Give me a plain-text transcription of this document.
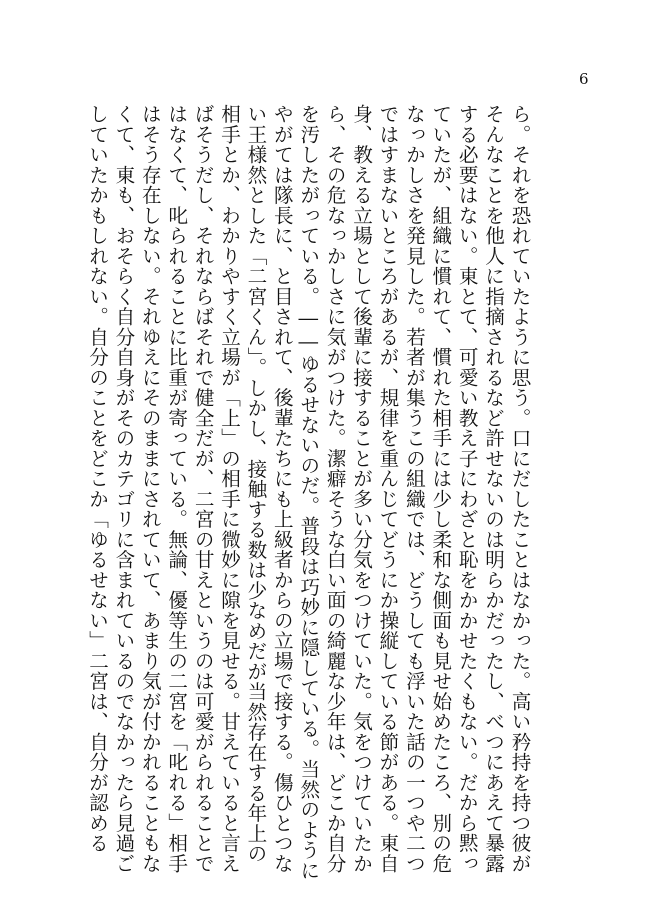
6
ら。それを恐れていたように思う。口にだしたことはなかった。高い矜持を持つ彼が
そんなことを他人に指摘されるなど許せないのは明らかだったし、べつにあえて暴露
する必要はない。東とて、可愛い教え子にわざと恥をかかせたくもない。だから黙っ
ていたが、組織に慣れて、慣れた相手には少し柔和な側面も見せ始めたころ、別の危
なっかしさを発見した。若者が集うこの組織では、どうしても浮いた話の一つや二つ
ではすまないところがあるが、規律を重んじてどうにか操縦している節がある。東自
身、教える立場として後輩に接することが多い分気をつけていた。気をつけていたか
ら、その危なっかしさに気がつけた。潔癖そうな白い面の綺麗な少年は、どこか自分
を汚したがっている。――ゆるせないのだ。普段は巧妙に隠している。当然のように
やがては隊長に、と目されて、後輩たちにも上級者からの立場で接する。傷ひとつな
い王様然とした「二宮くん」。しかし、接触する数は少なめだが当然存在する年上の
相手とか、わかりやすく立場が「上」の相手に微妙に隙を見せる。甘えていると言え
ばそうだし、それならばそれで健全だが、二宮の甘えというのは可愛がられることで
はなくて、叱られることに比重が寄っている。無論、優等生の二宮を「叱れる」相手
はそう存在しない。それゆえにそのままにされていて、あまり気が付かれることもな
くて、東も、おそらく自分自身がそのカテゴリに含まれているのでなかったら見過ご
していたかもしれない。自分のことをどこか「ゆるせない」二宮は、自分が認める
